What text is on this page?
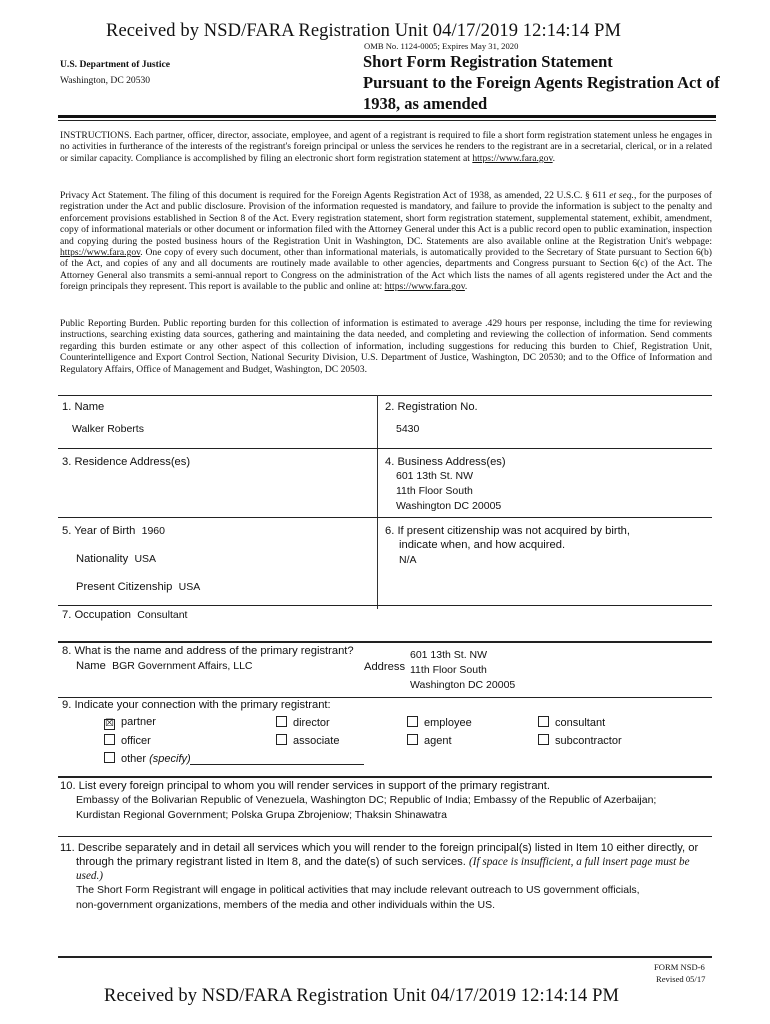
Received by NSD/FARA Registration Unit 04/17/2019 12:14:14 PM
OMB No. 1124-0005; Expires May 31, 2020
U.S. Department of Justice
Washington, DC 20530
Short Form Registration Statement
Pursuant to the Foreign Agents Registration Act of
1938, as amended
INSTRUCTIONS. Each partner, officer, director, associate, employee, and agent of a registrant is required to file a short form registration statement unless he engages in no activities in furtherance of the interests of the registrant's foreign principal or unless the services he renders to the registrant are in a secretarial, clerical, or in a related or similar capacity. Compliance is accomplished by filing an electronic short form registration statement at https://www.fara.gov.
Privacy Act Statement. The filing of this document is required for the Foreign Agents Registration Act of 1938, as amended, 22 U.S.C. § 611 et seq., for the purposes of registration under the Act and public disclosure. Provision of the information requested is mandatory, and failure to provide the information is subject to the penalty and enforcement provisions established in Section 8 of the Act. Every registration statement, short form registration statement, supplemental statement, exhibit, amendment, copy of informational materials or other document or information filed with the Attorney General under this Act is a public record open to public examination, inspection and copying during the posted business hours of the Registration Unit in Washington, DC. Statements are also available online at the Registration Unit's webpage: https://www.fara.gov. One copy of every such document, other than informational materials, is automatically provided to the Secretary of State pursuant to Section 6(b) of the Act, and copies of any and all documents are routinely made available to other agencies, departments and Congress pursuant to Section 6(c) of the Act. The Attorney General also transmits a semi-annual report to Congress on the administration of the Act which lists the names of all agents registered under the Act and the foreign principals they represent. This report is available to the public and online at: https://www.fara.gov.
Public Reporting Burden. Public reporting burden for this collection of information is estimated to average .429 hours per response, including the time for reviewing instructions, searching existing data sources, gathering and maintaining the data needed, and completing and reviewing the collection of information. Send comments regarding this burden estimate or any other aspect of this collection of information, including suggestions for reducing this burden to Chief, Registration Unit, Counterintelligence and Export Control Section, National Security Division, U.S. Department of Justice, Washington, DC 20530; and to the Office of Information and Regulatory Affairs, Office of Management and Budget, Washington, DC 20503.
1. Name
Walker Roberts
2. Registration No.
5430
3. Residence Address(es)	4. Business Address(es)
601 13th St. NW
11th Floor South
Washington DC 20005
5. Year of Birth 1960
Nationality USA
Present Citizenship USA
6. If present citizenship was not acquired by birth,
indicate when, and how acquired.
N/A
7. Occupation Consultant
8. What is the name and address of the primary registrant?
Name BGR Government Affairs, LLC	Address
601 13th St. NW
11th Floor South
Washington DC 20005
9. Indicate your connection with the primary registrant:
☒ partner
officer
other (specify)
director
associate
employee
agent
consultant
subcontractor
10. List every foreign principal to whom you will render services in support of the primary registrant.
Embassy of the Bolivarian Republic of Venezuela, Washington DC; Republic of India; Embassy of the Republic of Azerbaijan;
Kurdistan Regional Government; Polska Grupa Zbrojeniow; Thaksin Shinawatra
11. Describe separately and in detail all services which you will render to the foreign principal(s) listed in Item 10 either directly, or
through the primary registrant listed in Item 8, and the date(s) of such services. (If space is insufficient, a full insert page must be
used.)
The Short Form Registrant will engage in political activities that may include relevant outreach to US government officials,
non-government organizations, members of the media and other individuals within the US.
FORM NSD-6
Revised 05/17
Received by NSD/FARA Registration Unit 04/17/2019 12:14:14 PM
